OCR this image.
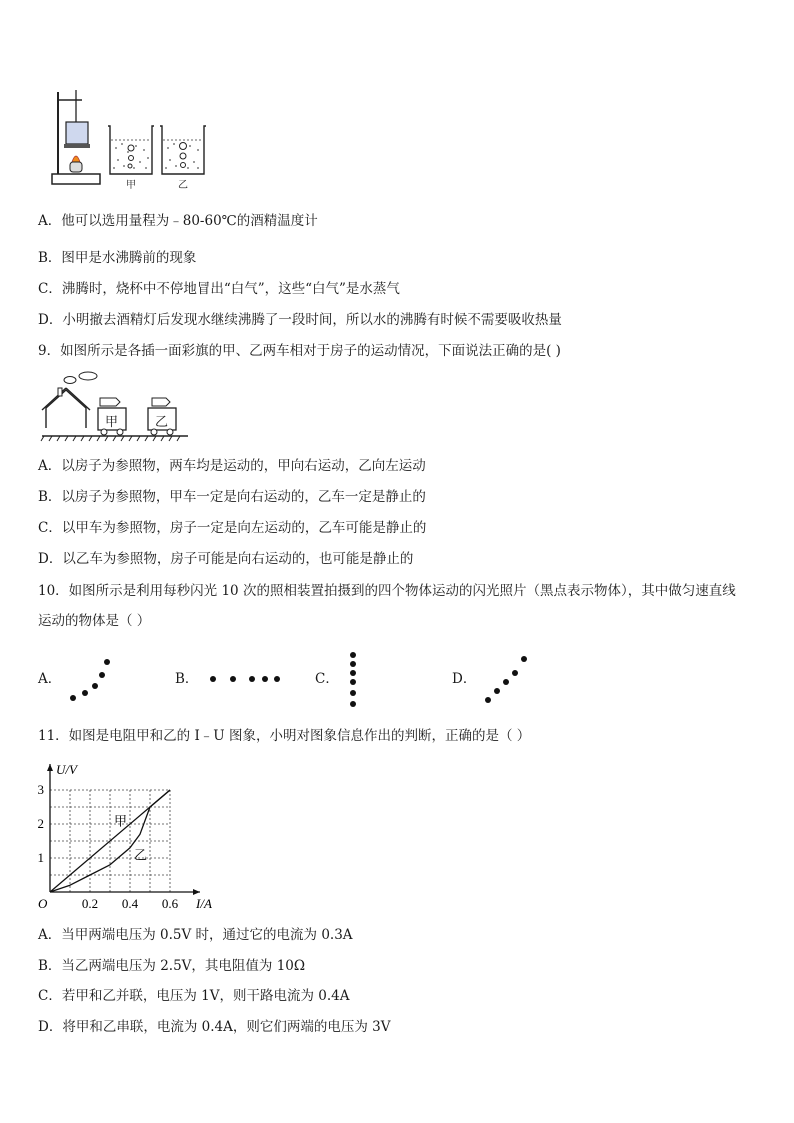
甲	乙
A．他可以选用量程为﹣80-60℃的酒精温度计
B．图甲是水沸腾前的现象
C．沸腾时，烧杯中不停地冒出“白气”，这些“白气”是水蒸气
D．小明撤去酒精灯后发现水继续沸腾了一段时间，所以水的沸腾有时候不需要吸收热量
9．如图所示是各插一面彩旗的甲、乙两车相对于房子的运动情况，下面说法正确的是( )
甲	乙
A．以房子为参照物，两车均是运动的，甲向右运动，乙向左运动
B．以房子为参照物，甲车一定是向右运动的，乙车一定是静止的
C．以甲车为参照物，房子一定是向左运动的，乙车可能是静止的
D．以乙车为参照物，房子可能是向右运动的，也可能是静止的
10．如图所示是利用每秒闪光 10 次的照相装置拍摄到的四个物体运动的闪光照片（黑点表示物体），其中做匀速直线
运动的物体是（ ）
A．	B．	C．	D．
11．如图是电阻甲和乙的 I﹣U 图象，小明对图象信息作出的判断，正确的是（ ）
0.2 0.4 0.6
1
2
3
甲
乙
U/V
I/A
O
A．当甲两端电压为 0.5V 时，通过它的电流为 0.3A
B．当乙两端电压为 2.5V，其电阻值为 10Ω
C．若甲和乙并联，电压为 1V，则干路电流为 0.4A
D．将甲和乙串联，电流为 0.4A，则它们两端的电压为 3V
